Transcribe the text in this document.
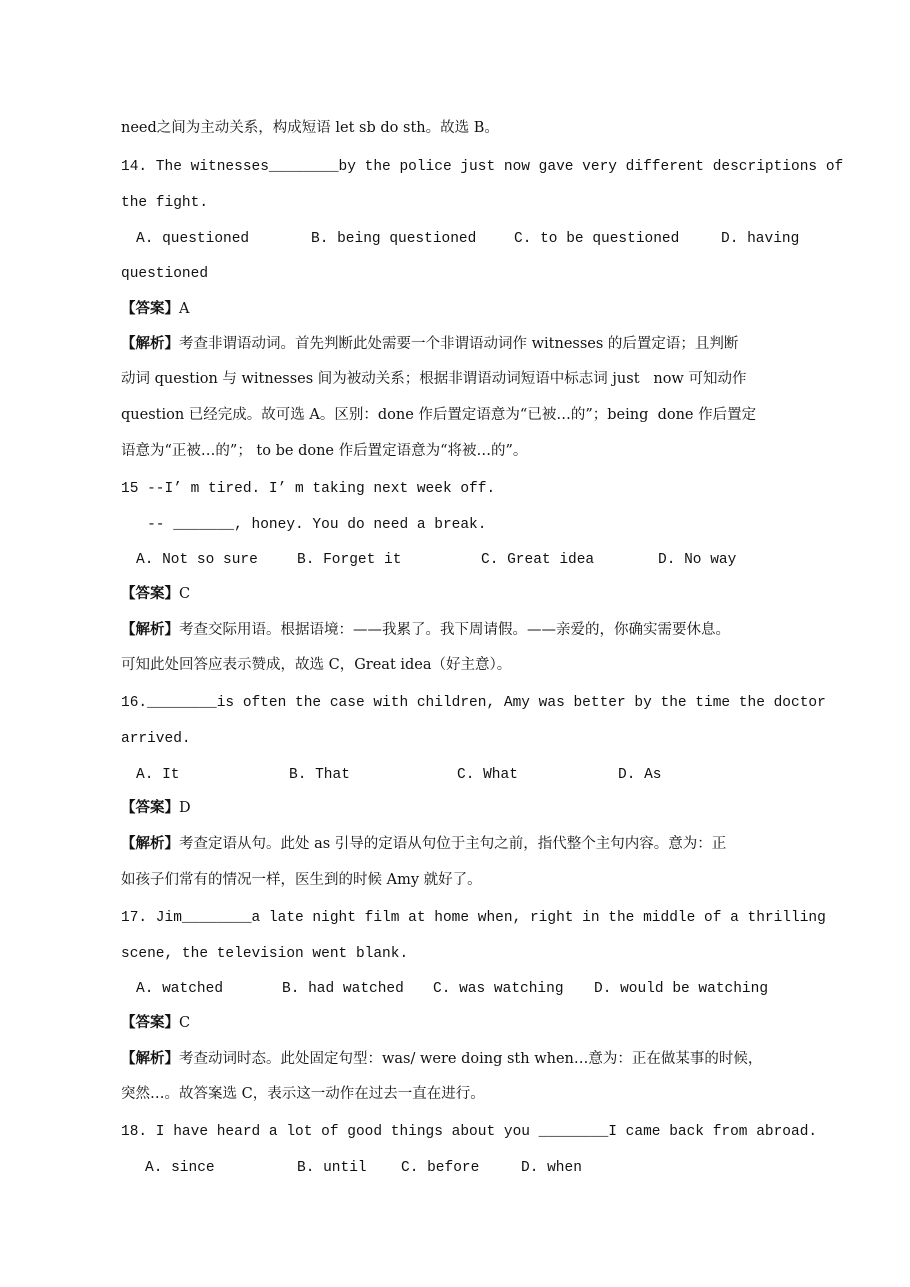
need之间为主动关系，构成短语 let sb do sth。故选 B。
14. The witnesses________by the police just now gave very different descriptions of
the fight.
A. questioned	B. being questioned	C. to be questioned	D. having
questioned
【答案】A
【解析】考查非谓语动词。首先判断此处需要一个非谓语动词作 witnesses 的后置定语；且判断
动词 question 与 witnesses 间为被动关系；根据非谓语动词短语中标志词 just   now 可知动作
question 已经完成。故可选 A。区别：done 作后置定语意为“已被…的”；being  done 作后置定
语意为“正被…的”； to be done 作后置定语意为“将被…的”。
15 --I’ m tired. I’ m taking next week off.
-- _______, honey. You do need a break.
A. Not so sure	B. Forget it	C. Great idea	D. No way
【答案】C
【解析】考查交际用语。根据语境：——我累了。我下周请假。——亲爱的，你确实需要休息。
可知此处回答应表示赞成，故选 C，Great idea（好主意）。
16.________is often the case with children, Amy was better by the time the doctor
arrived.
A. It	B. That	C. What	D. As
【答案】D
【解析】考查定语从句。此处 as 引导的定语从句位于主句之前，指代整个主句内容。意为：正
如孩子们常有的情况一样，医生到的时候 Amy 就好了。
17. Jim________a late night film at home when, right in the middle of a thrilling
scene, the television went blank.
A. watched	B. had watched C. was watching D. would be watching
【答案】C
【解析】考查动词时态。此处固定句型：was/ were doing sth when…意为：正在做某事的时候，
突然…。故答案选 C，表示这一动作在过去一直在进行。
18. I have heard a lot of good things about you ________I came back from abroad.
A. since	B. until C. before	D. when
